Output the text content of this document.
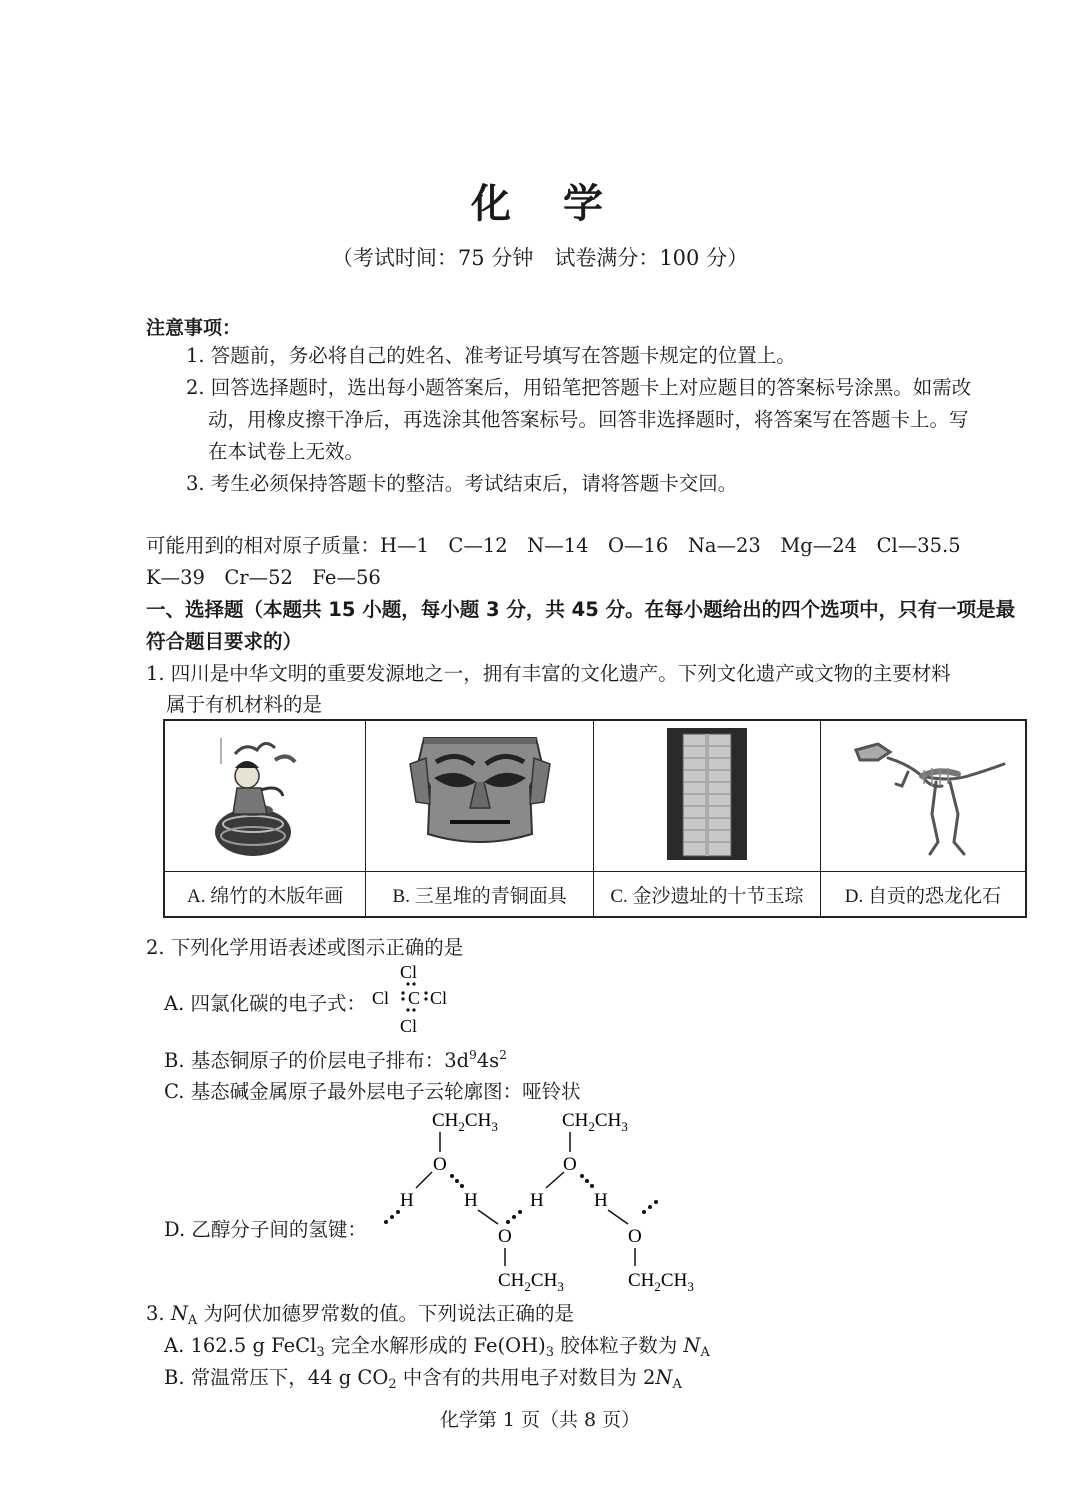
化　学
（考试时间：75 分钟　试卷满分：100 分）
注意事项：
1. 答题前，务必将自己的姓名、准考证号填写在答题卡规定的位置上。
2. 回答选择题时，选出每小题答案后，用铅笔把答题卡上对应题目的答案标号涂黑。如需改
动，用橡皮擦干净后，再选涂其他答案标号。回答非选择题时，将答案写在答题卡上。写
在本试卷上无效。
3. 考生必须保持答题卡的整洁。考试结束后，请将答题卡交回。
可能用到的相对原子质量：H—1　C—12　N—14　O—16　Na—23　Mg—24　Cl—35.5
K—39　Cr—52　Fe—56
一、选择题（本题共 15 小题，每小题 3 分，共 45 分。在每小题给出的四个选项中，只有一项是最
符合题目要求的）
1. 四川是中华文明的重要发源地之一，拥有丰富的文化遗产。下列文化遗产或文物的主要材料
属于有机材料的是

A. 绵竹的木版年画	B. 三星堆的青铜面具	C. 金沙遗址的十节玉琮	D. 自贡的恐龙化石
2. 下列化学用语表述或图示正确的是
A. 四氯化碳的电子式：
Cl
Cl C Cl
Cl
B. 基态铜原子的价层电子排布：$3d^94s^2$
C. 基态碱金属原子最外层电子云轮廓图：哑铃状
D. 乙醇分子间的氢键：
$CH_2CH_3$	$CH_2CH_3$
O	O
H	H	H	H
O	O
$CH_2CH_3$	$CH_2CH_3$
3. $N_A$ 为阿伏加德罗常数的值。下列说法正确的是
A. 162.5 g FeCl$_3$ 完全水解形成的 $Fe(OH)_3$ 胶体粒子数为 $N_A$
B. 常温常压下，44 g $CO_2$ 中含有的共用电子对数目为 $2N_A$
化学第 1 页（共 8 页）
